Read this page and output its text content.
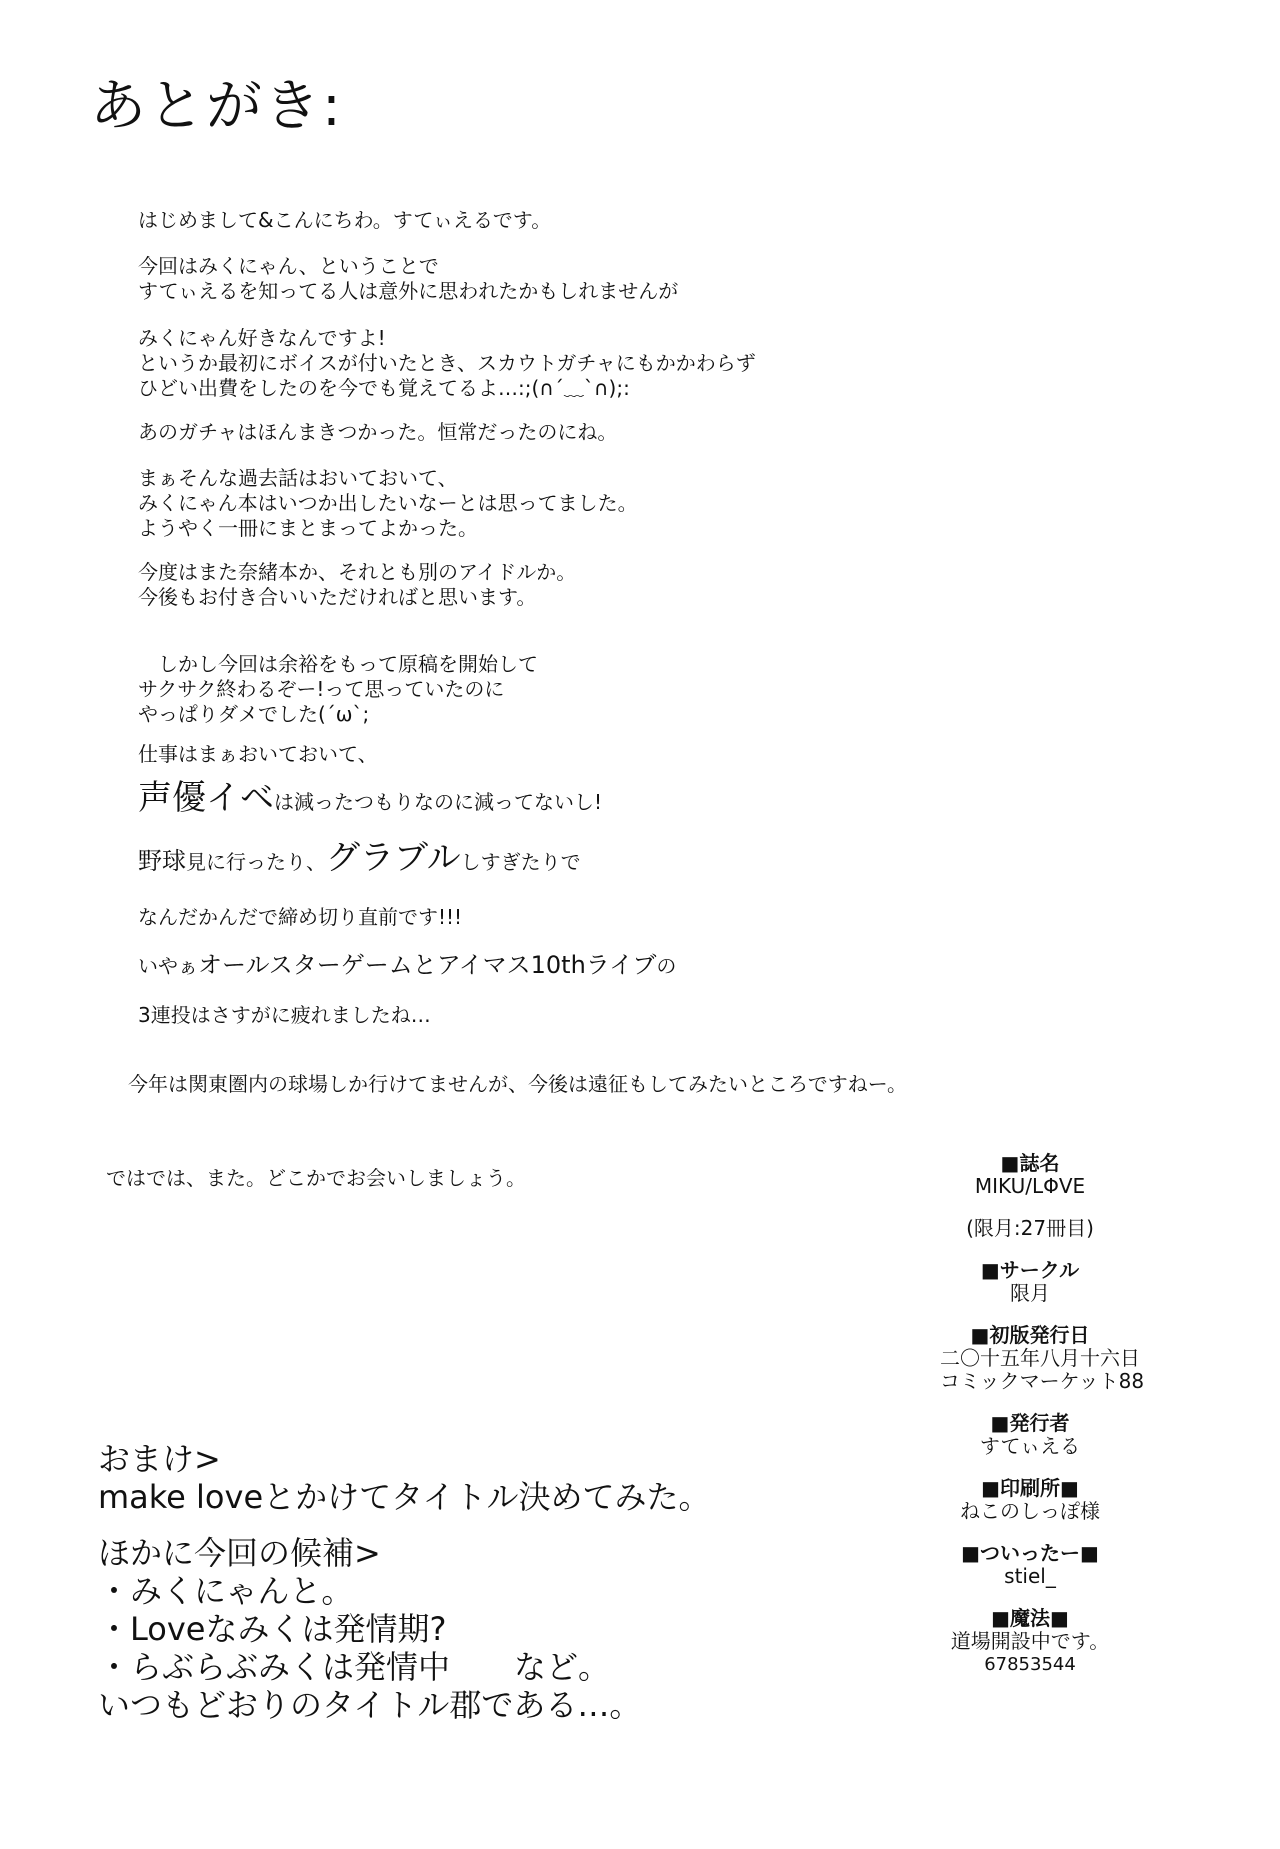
あとがき:
はじめまして&こんにちわ。すてぃえるです。
今回はみくにゃん、ということで
すてぃえるを知ってる人は意外に思われたかもしれませんが
みくにゃん好きなんですよ!
というか最初にボイスが付いたとき、スカウトガチャにもかかわらず
ひどい出費をしたのを今でも覚えてるよ…:;(∩´﹏`∩);:
あのガチャはほんまきつかった。恒常だったのにね。
まぁそんな過去話はおいておいて、
みくにゃん本はいつか出したいなーとは思ってました。
ようやく一冊にまとまってよかった。
今度はまた奈緒本か、それとも別のアイドルか。
今後もお付き合いいただければと思います。
しかし今回は余裕をもって原稿を開始して
サクサク終わるぞー!って思っていたのに
やっぱりダメでした(´ω`;
仕事はまぁおいておいて、
声優イベは減ったつもりなのに減ってないし!
野球見に行ったり、グラブルしすぎたりで
なんだかんだで締め切り直前です!!!
いやぁオールスターゲームとアイマス10thライブの
3連投はさすがに疲れましたね…
今年は関東圏内の球場しか行けてませんが、今後は遠征もしてみたいところですねー。
ではでは、また。どこかでお会いしましょう。
おまけ>
make loveとかけてタイトル決めてみた。
ほかに今回の候補>
・みくにゃんと。
・Loveなみくは発情期?
・らぶらぶみくは発情中　　など。
いつもどおりのタイトル郡である…。
■誌名
MIKU/LΦVE
(限月:27冊目)
■サークル
限月
■初版発行日
二〇十五年八月十六日
コミックマーケット88
■発行者
すてぃえる
■印刷所■
ねこのしっぽ様
■ついったー■
stiel_
■魔法■
道場開設中です。
67853544
